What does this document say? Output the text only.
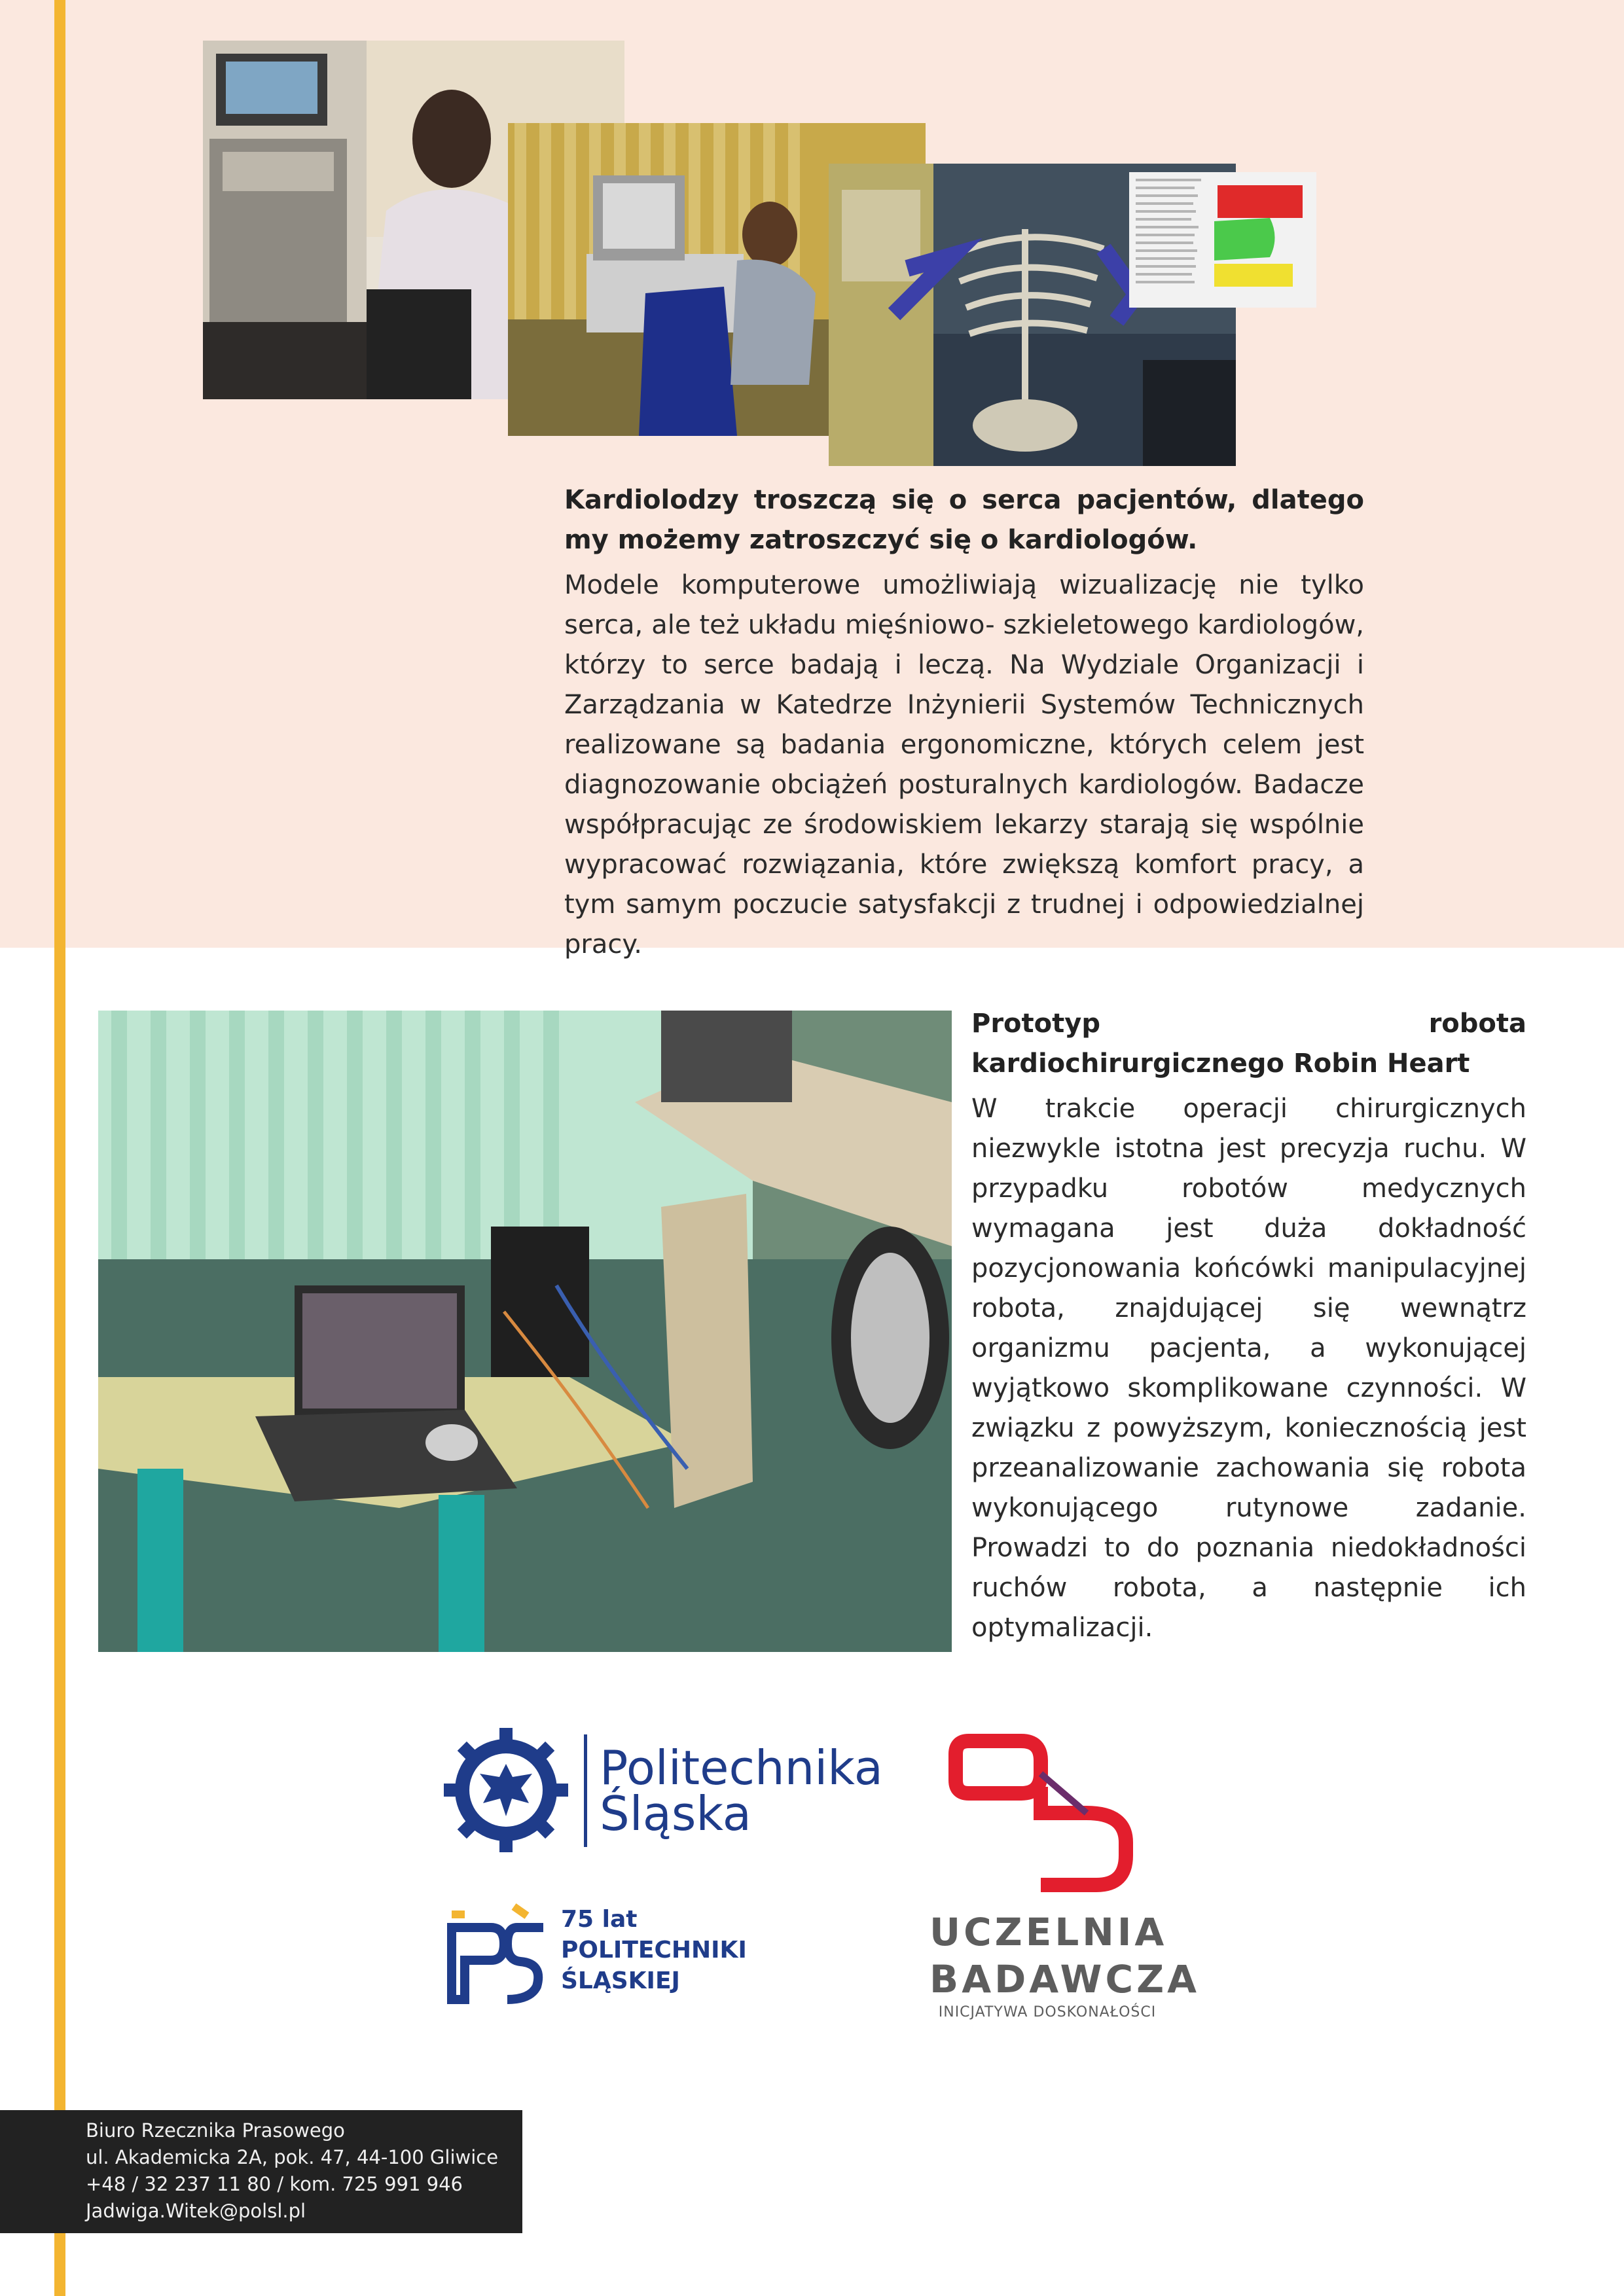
Kardiolodzy troszczą się o serca pacjentów, dlatego my możemy zatroszczyć się o kardiologów.

Modele komputerowe umożliwiają wizualizację nie tylko serca, ale też układu mięśniowo- szkieletowego kardiologów, którzy to serce badają i leczą. Na Wydziale Organizacji i Zarządzania w Katedrze Inżynierii Systemów Technicznych realizowane są badania ergonomiczne, których celem jest diagnozowanie obciążeń posturalnych kardiologów. Badacze współpracując ze środowiskiem lekarzy starają się wspólnie wypracować rozwiązania, które zwiększą komfort pracy, a tym samym poczucie satysfakcji z trudnej i odpowiedzialnej pracy.

Prototyp robota kardiochirurgicznego Robin Heart

W trakcie operacji chirurgicznych niezwykle istotna jest precyzja ruchu. W przypadku robotów medycznych wymagana jest duża dokładność pozycjonowania końcówki manipulacyjnej robota, znajdującej się wewnątrz organizmu pacjenta, a wykonującej wyjątkowo skomplikowane czynności. W związku z powyższym, koniecznością jest przeanalizowanie zachowania się robota wykonującego rutynowe zadanie. Prowadzi to do poznania niedokładności ruchów robota, a następnie ich optymalizacji.

Politechnika
Śląska
75 lat
POLITECHNIKI
ŚLĄSKIEJ
UCZELNIA
BADAWCZA
INICJATYWA DOSKONAŁOŚCI
Biuro Rzecznika Prasowego
ul. Akademicka 2A, pok. 47, 44-100 Gliwice
+48 / 32 237 11 80 / kom. 725 991 946
Jadwiga.Witek@polsl.pl
